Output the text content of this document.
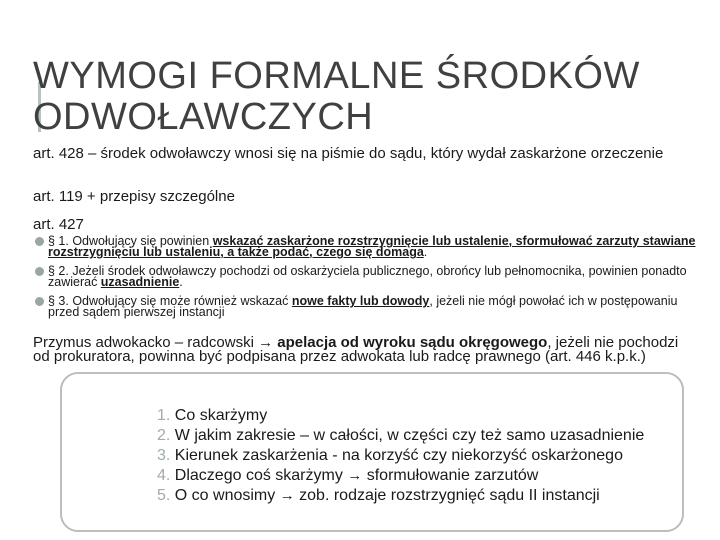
WYMOGI FORMALNE ŚRODKÓW ODWOŁAWCZYCH
art. 428 – środek odwoławczy wnosi się na piśmie do sądu, który wydał zaskarżone orzeczenie
art. 119 + przepisy szczególne
art. 427
§ 1. Odwołujący się powinien wskazać zaskarżone rozstrzygnięcie lub ustalenie, sformułować zarzuty stawiane rozstrzygnięciu lub ustaleniu, a także podać, czego się domaga.
§ 2. Jeżeli środek odwoławczy pochodzi od oskarżyciela publicznego, obrońcy lub pełnomocnika, powinien ponadto zawierać uzasadnienie.
§ 3. Odwołujący się może również wskazać nowe fakty lub dowody, jeżeli nie mógł powołać ich w postępowaniu przed sądem pierwszej instancji
Przymus adwokacko – radcowski → apelacja od wyroku sądu okręgowego, jeżeli nie pochodzi od prokuratora, powinna być podpisana przez adwokata lub radcę prawnego (art. 446 k.p.k.)
1. Co skarżymy
2. W jakim zakresie – w całości, w części czy też samo uzasadnienie
3. Kierunek zaskarżenia - na korzyść czy niekorzyść oskarżonego
4. Dlaczego coś skarżymy → sformułowanie zarzutów
5. O co wnosimy → zob. rodzaje rozstrzygnięć sądu II instancji
